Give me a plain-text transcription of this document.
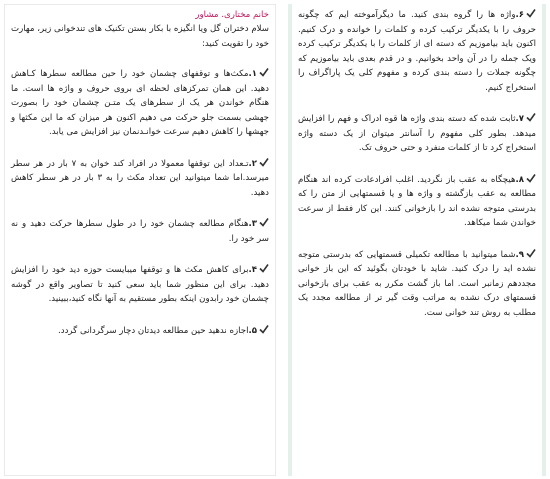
خانم مختاری. مشاور
سلام دختران گل ویا انگیزه با بکار بستن تکنیک های تندخوانی زیر، مهارت خود را تقویت کنید:
۱.

مکث‌ها و توقفهای چشمان خود را حین مطالعه سطرها کـاهش دهید. این همان تمرکزهای لحظه ای بروی حروف و واژه ها است. ما هنگام خواندن هر یک از سطرهای یک متـن چشمان خود را بصورت جهشی بسمت جلو حرکت می دهیم اکنون هر میزان که ما این مکثها و جهشها را کاهش دهیم سرعت خوانـدنمان نیز افزایش می یابد.

۲.

تـعداد این توقفها معمولا در افراد کند خوان به ۷ بار در هر سطر میرسد.اما شما میتوانید این تعداد مکث را به ۳ بار در هر سطر کاهش دهید.

۳.

هنگام مطالعه چشمان خود را در طول سطرها حرکت دهید و نه سر خود را.

۴.

برای کاهش مکث ها و توقفها میبایست حوزه دید خود را افزایش دهید. برای این منظور شما باید سعی کنید تا تصاویر واقع در گوشه چشمان خود رابدون اینکه بطور مستقیم به آنها نگاه کنید،ببینید.

۵.

اجازه ندهید حین مطالعه دیدتان دچار سرگردانی گردد.

۶.

واژه ها را گروه بندی کنید. ما دیگرآموخته ایم که چگونه حروف را با یکدیگر ترکیب کرده و کلمات را خوانده و درک کنیم. اکنون باید بیاموزیم که دسته ای از کلمات را با یکدیگر ترکیب کرده ویک جمله را در آن واحد بخوانیم. و در قدم بعدی باید بیاموزیم که چگونه جملات را دسته بندی کرده و مفهوم کلی یک پاراگراف را استخراج کنیم.

۷.

ثابت شده که دسته بندی واژه ها قوه ادراک و فهم را افزایش میدهد. بطور کلی مفهوم را آسانتر میتوان از یک دسته واژه استخراج کرد تا از کلمات منفرد و حتی حروف تک.

۸.

هیچگاه به عقب باز نگردید. اغلب افرادعادت کرده اند هنگام مطالعه به عقب بازگشته و واژه ها و یا قسمتهایی از متن را که بدرستی متوجه نشده اند را بازخوانی کنند. این کار فقط از سرعت خواندن شما میکاهد.

۹.

شما میتوانید با مطالعه تکمیلی قسمتهایی که بدرستی متوجه نشده اید را درک کنید. شاید با خودتان بگوئید که این باز خوانی مجددهم زمانبر است. اما باز گشت مکرر به عقب برای بازخوانی قسمتهای درک نشده به مراتب وقت گیر تر از مطالعه مجدد یک مطلب به روش تند خوانی ست.
